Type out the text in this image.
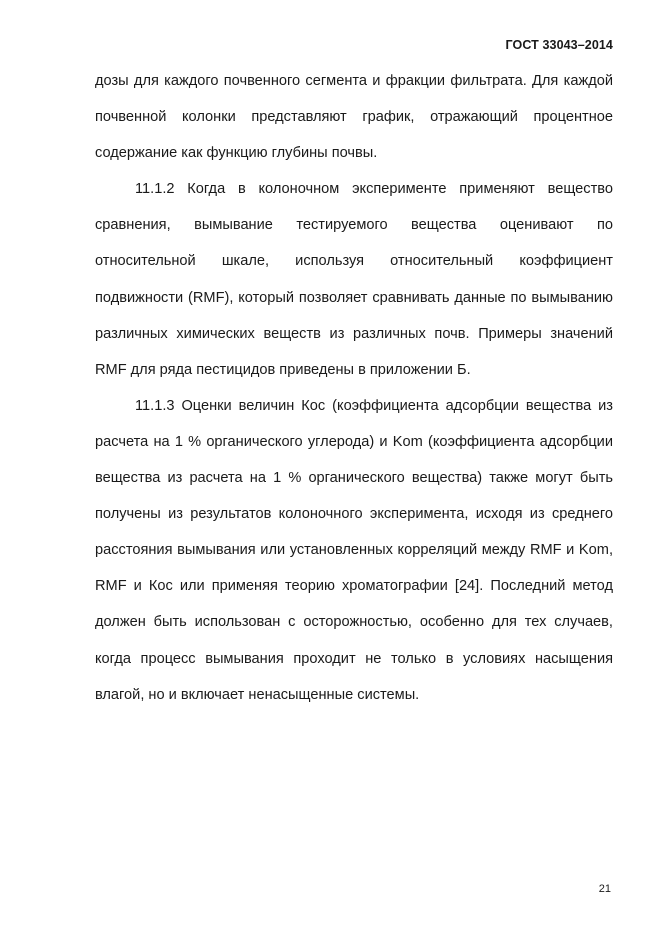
ГОСТ 33043–2014

дозы для каждого почвенного сегмента и фракции фильтрата. Для каждой почвенной колонки представляют график, отражающий процентное содержание как функцию глубины почвы.

11.1.2 Когда в колоночном эксперименте применяют вещество сравнения, вымывание тестируемого вещества оценивают по относительной шкале, используя относительный коэффициент подвижности (RMF), который позволяет сравнивать данные по вымыванию различных химических веществ из различных почв. Примеры значений RMF для ряда пестицидов приведены в приложении Б.

11.1.3 Оценки величин Кос (коэффициента адсорбции вещества из расчета на 1 % органического углерода) и Kom (коэффициента адсорбции вещества из расчета на 1 % органического вещества) также могут быть получены из результатов колоночного эксперимента, исходя из среднего расстояния вымывания или установленных корреляций между RMF и Kom, RMF и Кос или применяя теорию хроматографии [24]. Последний метод должен быть использован с осторожностью, особенно для тех случаев, когда процесс вымывания проходит не только в условиях насыщения влагой, но и включает ненасыщенные системы.

21
